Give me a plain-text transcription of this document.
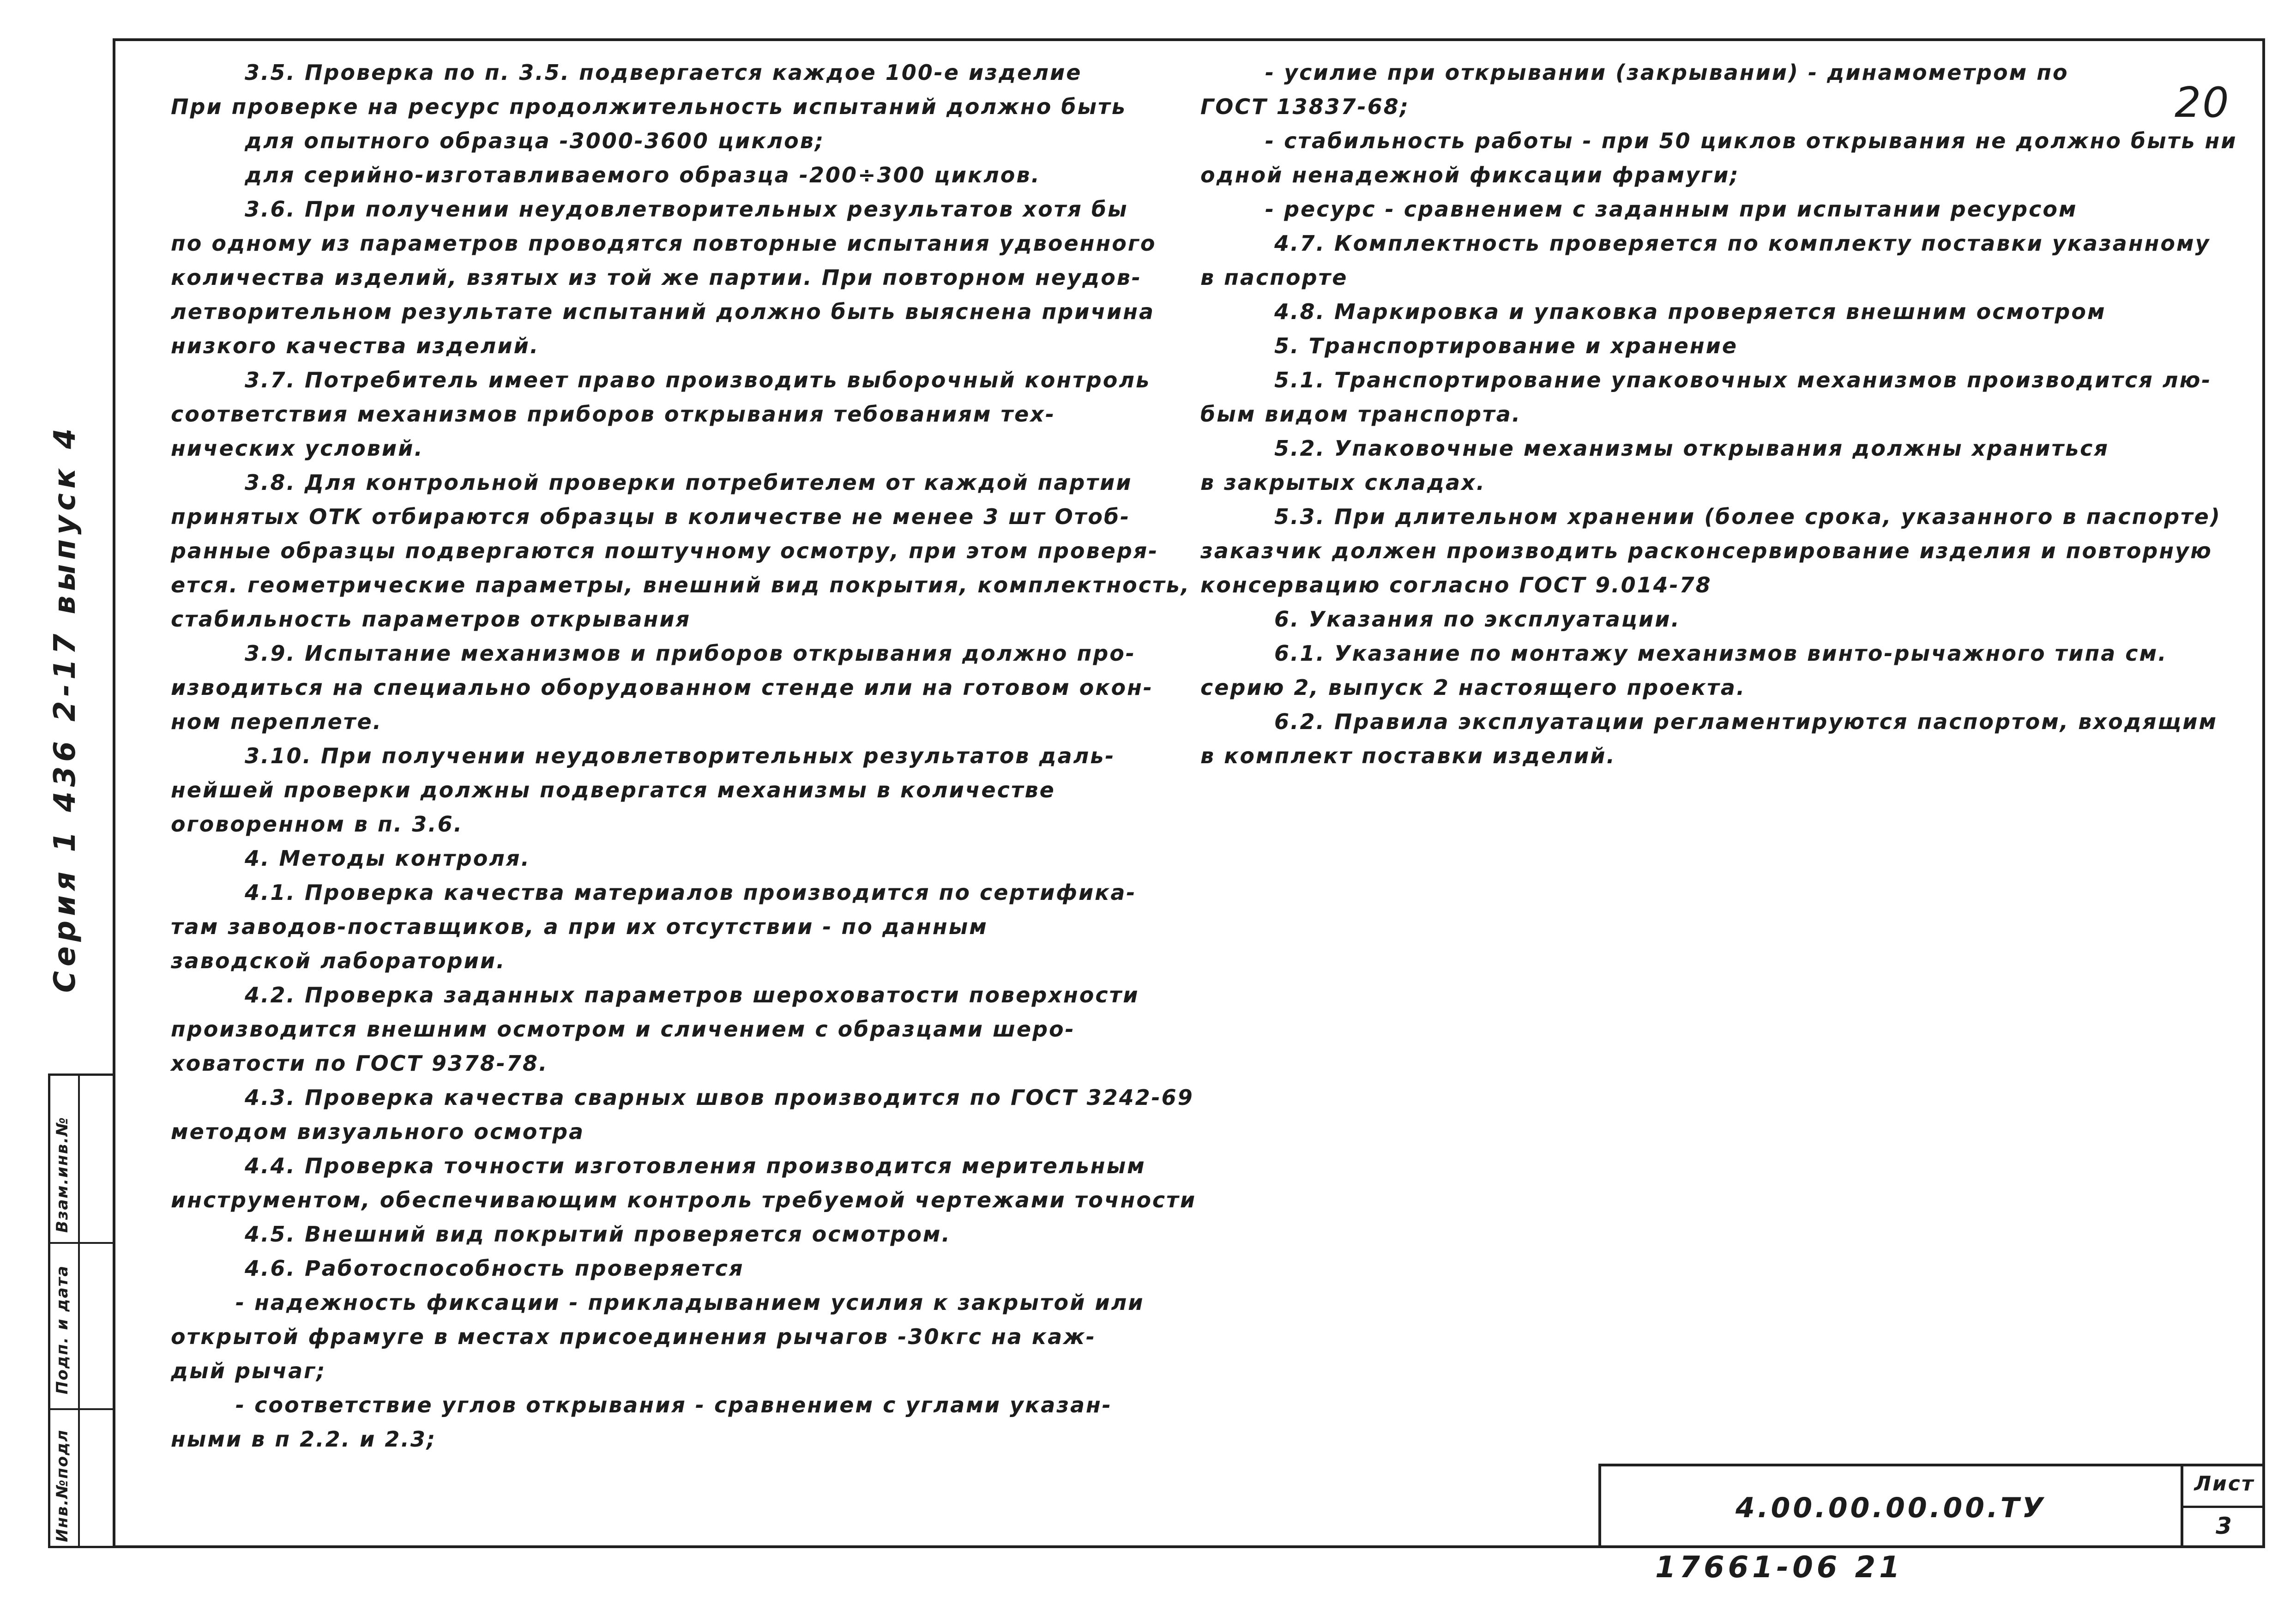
Серия 1 436 2-17 выпуск 4
Инв.№подл
Подп. и дата
Взам.инв.№
20
3.5. Проверка по п. 3.5. подвергается каждое 100-е изделие
При проверке на ресурс продолжительность испытаний должно быть
для опытного образца -3000-3600 циклов;
для серийно-изготавливаемого образца -200÷300 циклов.
3.6. При получении неудовлетворительных результатов хотя бы
по одному из параметров проводятся повторные испытания удвоенного
количества изделий, взятых из той же партии. При повторном неудов-
летворительном результате испытаний должно быть выяснена причина
низкого качества изделий.
3.7. Потребитель имеет право производить выборочный контроль
соответствия механизмов приборов открывания тебованиям тех-
нических условий.
3.8. Для контрольной проверки потребителем от каждой партии
принятых ОТК отбираются образцы в количестве не менее 3 шт Отоб-
ранные образцы подвергаются поштучному осмотру, при этом проверя-
ется. геометрические параметры, внешний вид покрытия, комплектность,
стабильность параметров открывания
3.9. Испытание механизмов и приборов открывания должно про-
изводиться на специально оборудованном стенде или на готовом окон-
ном переплете.
3.10. При получении неудовлетворительных результатов даль-
нейшей проверки должны подвергатся механизмы в количестве
оговоренном в п. 3.6.
4. Методы контроля.
4.1. Проверка качества материалов производится по сертифика-
там заводов-поставщиков, а при их отсутствии - по данным
заводской лаборатории.
4.2. Проверка заданных параметров шероховатости поверхности
производится внешним осмотром и сличением с образцами шеро-
ховатости по ГОСТ 9378-78.
4.3. Проверка качества сварных швов производится по ГОСТ 3242-69
методом визуального осмотра
4.4. Проверка точности изготовления производится мерительным
инструментом, обеспечивающим контроль требуемой чертежами точности
4.5. Внешний вид покрытий проверяется осмотром.
4.6. Работоспособность проверяется
- надежность фиксации - прикладыванием усилия к закрытой или
открытой фрамуге в местах присоединения рычагов -30кгс на каж-
дый рычаг;
- соответствие углов открывания - сравнением с углами указан-
ными в п 2.2. и 2.3;
- усилие при открывании (закрывании) - динамометром по
ГОСТ 13837-68;
- стабильность работы - при 50 циклов открывания не должно быть ни
одной ненадежной фиксации фрамуги;
- ресурс - сравнением с заданным при испытании ресурсом
4.7. Комплектность проверяется по комплекту поставки указанному
в паспорте
4.8. Маркировка и упаковка проверяется внешним осмотром
5. Транспортирование и хранение
5.1. Транспортирование упаковочных механизмов производится лю-
бым видом транспорта.
5.2. Упаковочные механизмы открывания должны храниться
в закрытых складах.
5.3. При длительном хранении (более срока, указанного в паспорте)
заказчик должен производить расконсервирование изделия и повторную
консервацию согласно ГОСТ 9.014-78
6. Указания по эксплуатации.
6.1. Указание по монтажу механизмов винто-рычажного типа см.
серию 2, выпуск 2 настоящего проекта.
6.2. Правила эксплуатации регламентируются паспортом, входящим
в комплект поставки изделий.
4.00.00.00.00.ТУ
Лист
3
17661-06 21
